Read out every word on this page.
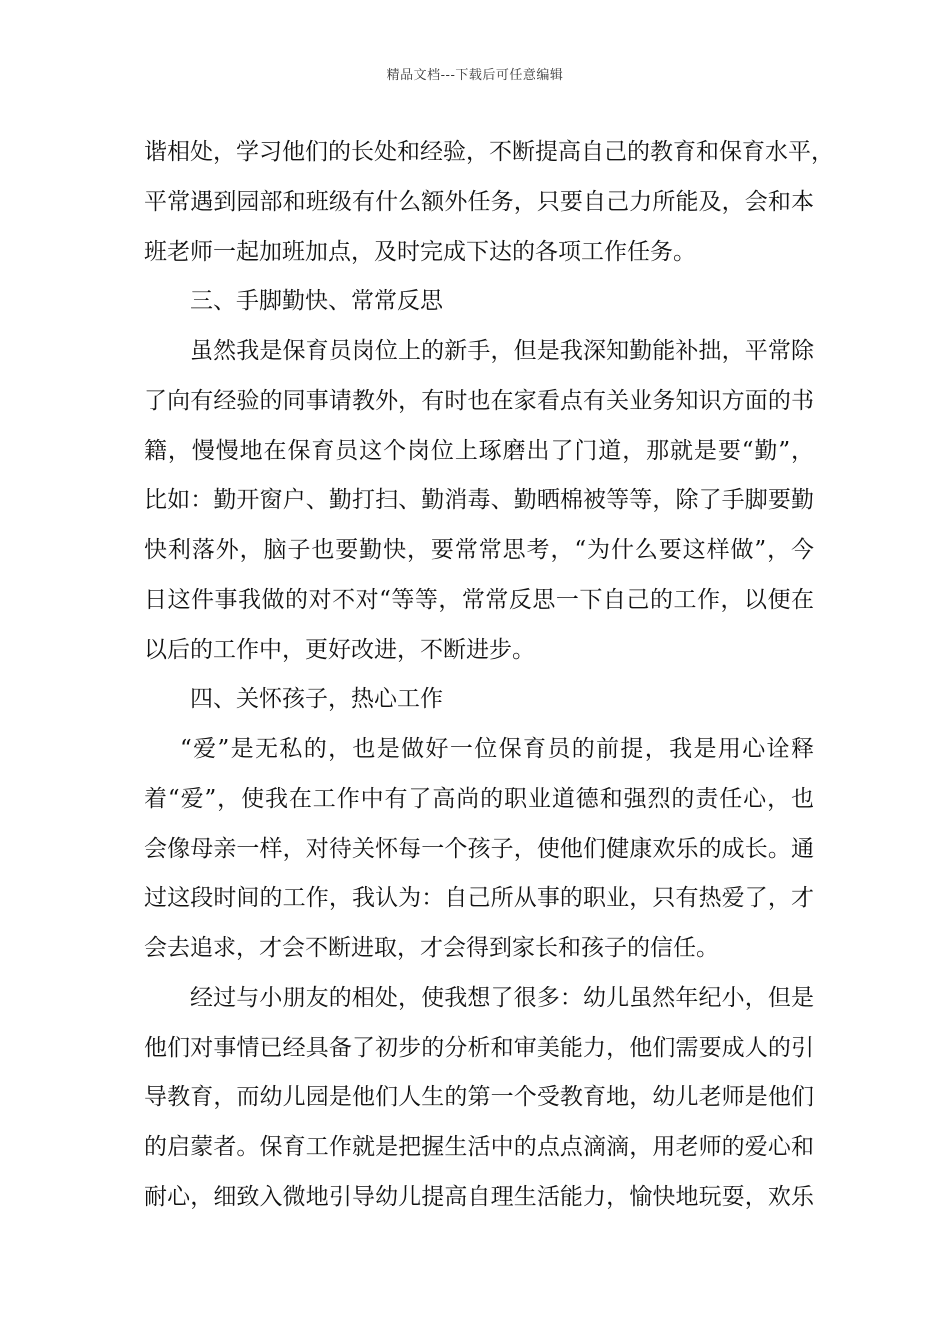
精品文档---下载后可任意编辑
谐相处，学习他们的长处和经验，不断提高自己的教育和保育水平，
平常遇到园部和班级有什么额外任务，只要自己力所能及，会和本
班老师一起加班加点，及时完成下达的各项工作任务。
三、手脚勤快、常常反思
虽然我是保育员岗位上的新手，但是我深知勤能补拙，平常除
了向有经验的同事请教外，有时也在家看点有关业务知识方面的书
籍，慢慢地在保育员这个岗位上琢磨出了门道，那就是要“勤”，
比如：勤开窗户、勤打扫、勤消毒、勤晒棉被等等，除了手脚要勤
快利落外，脑子也要勤快，要常常思考，“为什么要这样做”，今
日这件事我做的对不对“等等，常常反思一下自己的工作，以便在
以后的工作中，更好改进，不断进步。
四、关怀孩子，热心工作
“爱”是无私的，也是做好一位保育员的前提，我是用心诠释
着“爱”，使我在工作中有了高尚的职业道德和强烈的责任心，也
会像母亲一样，对待关怀每一个孩子，使他们健康欢乐的成长。通
过这段时间的工作，我认为：自己所从事的职业，只有热爱了，才
会去追求，才会不断进取，才会得到家长和孩子的信任。
经过与小朋友的相处，使我想了很多：幼儿虽然年纪小，但是
他们对事情已经具备了初步的分析和审美能力，他们需要成人的引
导教育，而幼儿园是他们人生的第一个受教育地，幼儿老师是他们
的启蒙者。保育工作就是把握生活中的点点滴滴，用老师的爱心和
耐心，细致入微地引导幼儿提高自理生活能力，愉快地玩耍，欢乐
